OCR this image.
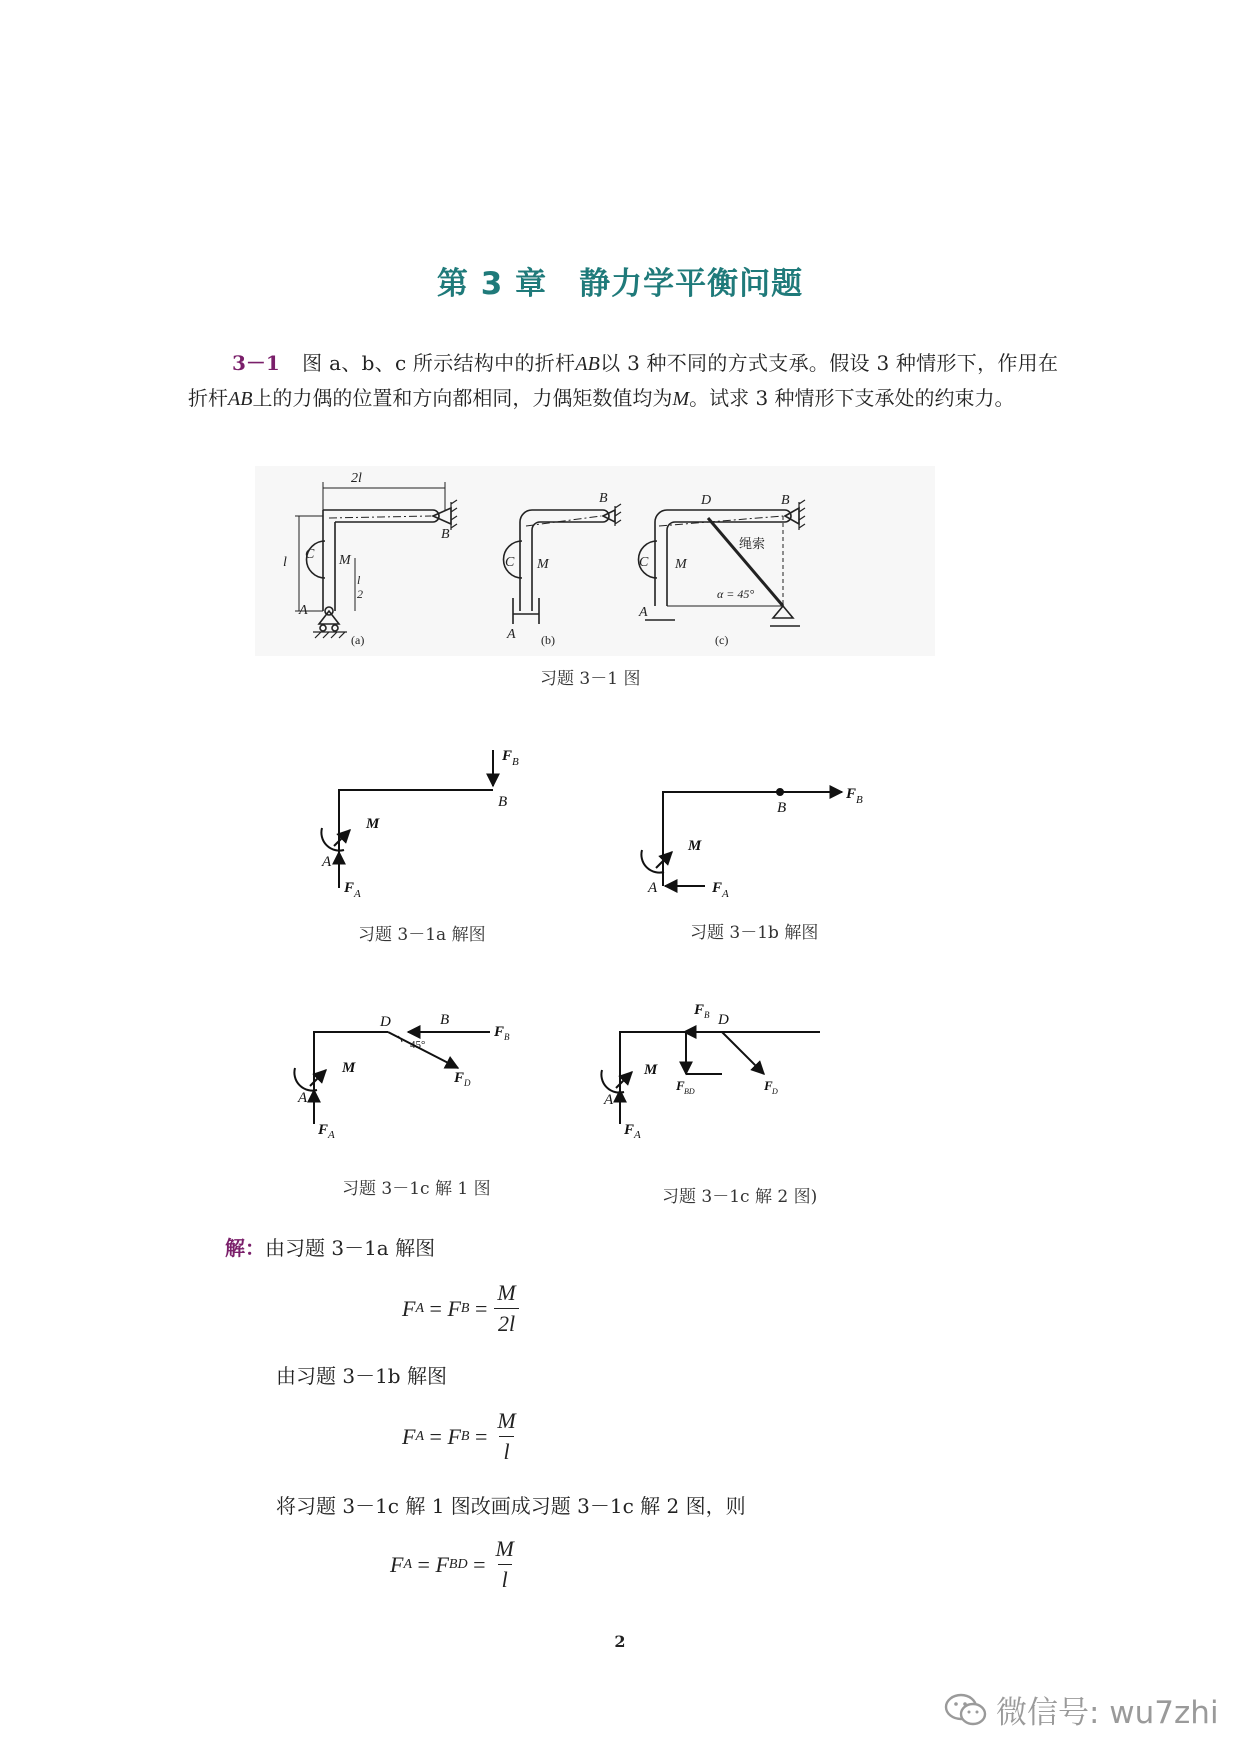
第 3 章　静力学平衡问题
3－1 图 a、b、c 所示结构中的折杆AB以 3 种不同的方式支承。假设 3 种情形下，作用在折杆AB上的力偶的位置和方向都相同，力偶矩数值均为M。试求 3 种情形下支承处的约束力。
2l
l
l
2
C M
A
B
C M
A
B
C M
A
D	B
绳索
α = 45°
(a)	(b)	(c)
习题 3－1 图
F B
B
M
A
F A
B
F B
M
A	F A
D	B
F B
45°
F D
M
A
F A
F B D
F BD	F D
M
A
F A
习题 3－1a 解图	习题 3－1b 解图
习题 3－1c 解 1 图	习题 3－1c 解 2 图)
解：由习题 3－1a 解图
F A
=
F B
= $\frac{M}{2l}$
由习题 3－1b 解图
F A
=
F B
= $\frac{M}{l}$
将习题 3－1c 解 1 图改画成习题 3－1c 解 2 图，则
F A
=
F BD
= $\frac{M}{l}$
2
微信号: wu7zhi
